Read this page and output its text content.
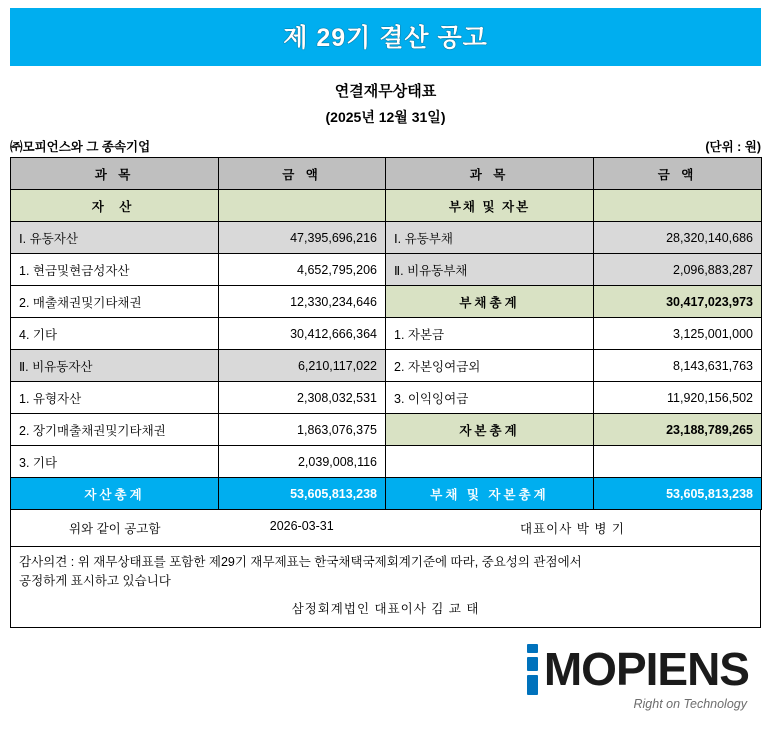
제 29기 결산 공고
연결재무상태표
(2025년 12월 31일)
㈜모피언스와 그 종속기업	(단위 : 원)
과 목	금 액	과 목	금 액
자 산		부채 및 자본	
Ⅰ. 유동자산	47,395,696,216	Ⅰ. 유동부채	28,320,140,686
1. 현금및현금성자산	4,652,795,206	Ⅱ. 비유동부채	2,096,883,287
2. 매출채권및기타채권	12,330,234,646	부채총계	30,417,023,973
4. 기타	30,412,666,364	1. 자본금	3,125,001,000
Ⅱ. 비유동자산	6,210,117,022	2. 자본잉여금외	8,143,631,763
1. 유형자산	2,308,032,531	3. 이익잉여금	11,920,156,502
2. 장기매출채권및기타채권	1,863,076,375	자본총계	23,188,789,265
3. 기타	2,039,008,116		
자산총계	53,605,813,238	부채 및 자본총계	53,605,813,238
위와 같이 공고함	2026-03-31	대표이사 박 병 기
감사의견 : 위 재무상태표를 포함한 제29기 재무제표는 한국채택국제회계기준에 따라, 중요성의 관점에서
공정하게 표시하고 있습니다
삼정회계법인 대표이사 김 교 태
MOPIENS
Right on Technology
